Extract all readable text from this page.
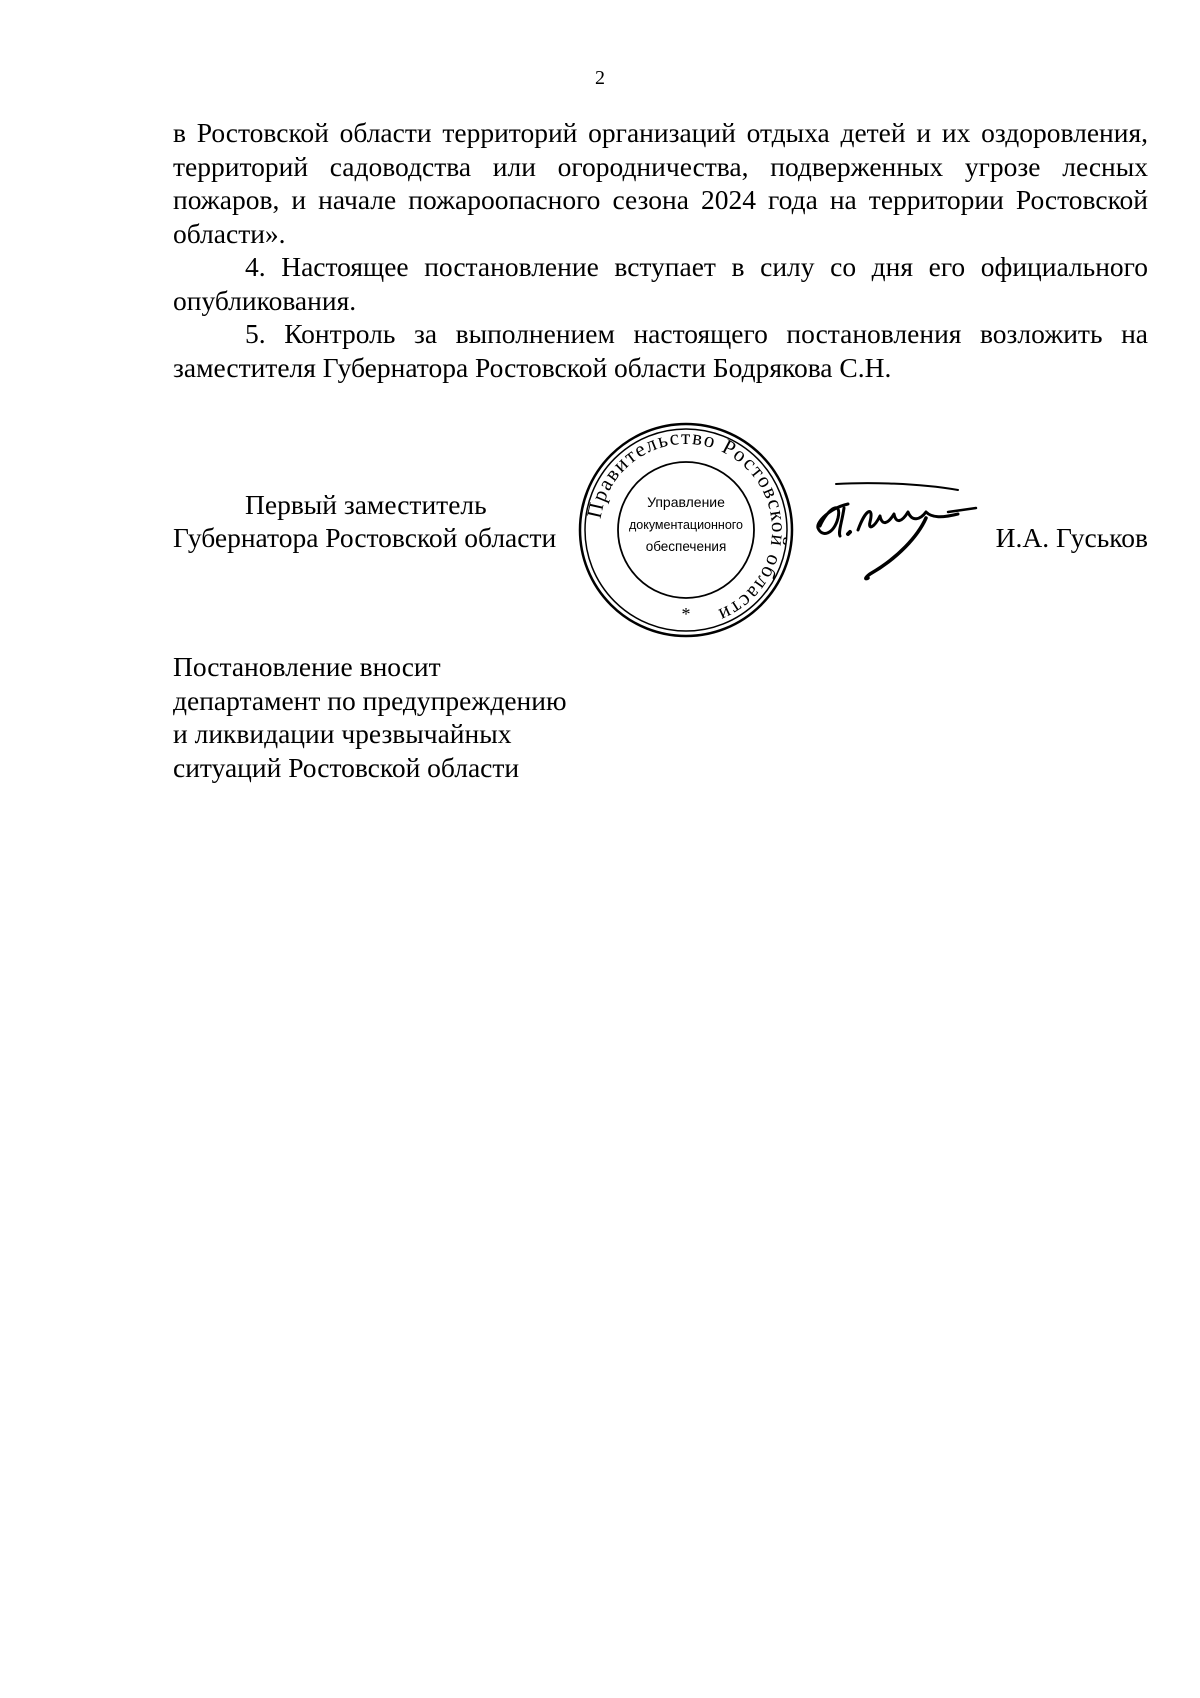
2

в Ростовской области территорий организаций отдыха детей и их оздоровления, территорий садоводства или огородничества, подверженных угрозе лесных пожаров, и начале пожароопасного сезона 2024 года на территории Ростовской области».

4. Настоящее постановление вступает в силу со дня его официального опубликования.

5. Контроль за выполнением настоящего постановления возложить на заместителя Губернатора Ростовской области Бодрякова С.Н.

Первый заместитель
Губернатора Ростовской области	И.А. Гуськов
Правительство Ростовской области
Управление
документационного
обеспечения
*
Постановление вносит
департамент по предупреждению
и ликвидации чрезвычайных
ситуаций Ростовской области
